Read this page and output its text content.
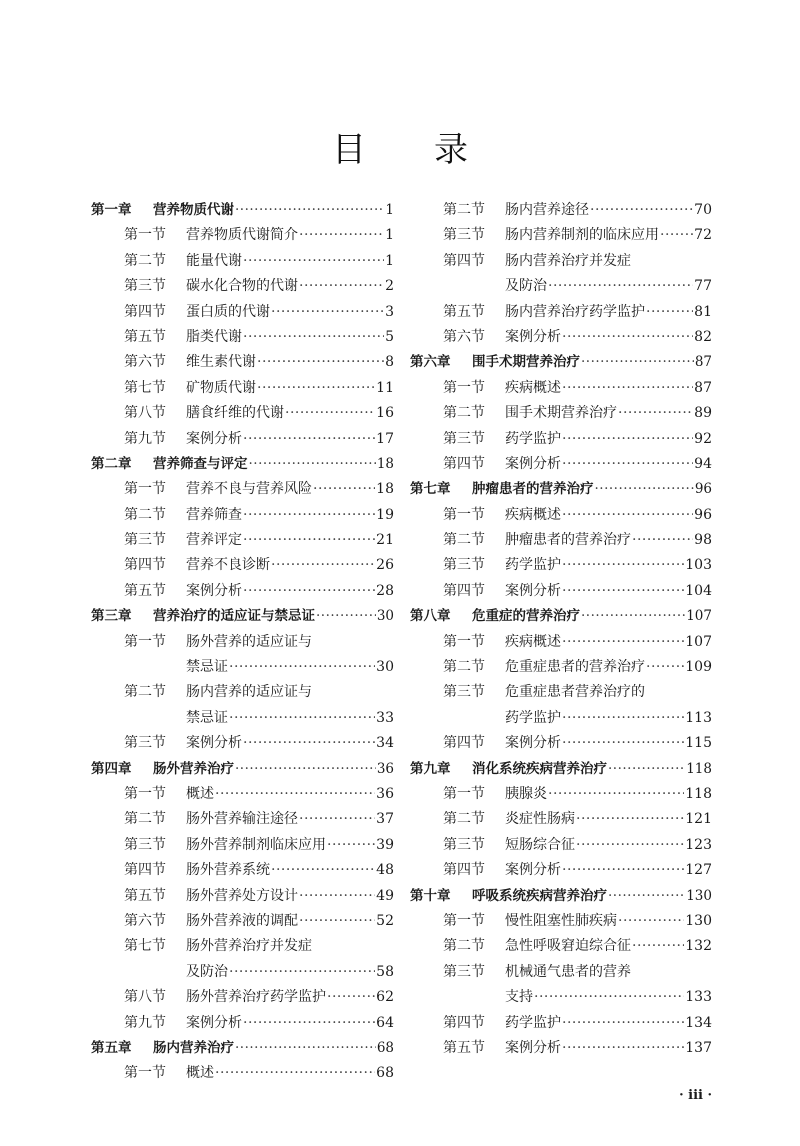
目 录
第一章	营养物质代谢 ·····	1
第一节	营养物质代谢简介 ·····	1
第二节	能量代谢 ·····	1
第三节	碳水化合物的代谢 ·····	2
第四节	蛋白质的代谢 ·····	3
第五节	脂类代谢 ·····	5
第六节	维生素代谢 ·····	8
第七节	矿物质代谢 ·····	11
第八节	膳食纤维的代谢 ·····	16
第九节	案例分析 ·····	17
第二章	营养筛查与评定 ·····	18
第一节	营养不良与营养风险 ·····	18
第二节	营养筛查 ·····	19
第三节	营养评定 ·····	21
第四节	营养不良诊断 ·····	26
第五节	案例分析 ·····	28
第三章	营养治疗的适应证与禁忌证 ·····	30
第一节	肠外营养的适应证与
禁忌证 ·····	30
第二节	肠内营养的适应证与
禁忌证 ·····	33
第三节	案例分析 ·····	34
第四章	肠外营养治疗 ·····	36
第一节	概述 ·····	36
第二节	肠外营养输注途径 ·····	37
第三节	肠外营养制剂临床应用 ·····	39
第四节	肠外营养系统 ·····	48
第五节	肠外营养处方设计 ·····	49
第六节	肠外营养液的调配 ·····	52
第七节	肠外营养治疗并发症
及防治 ·····	58
第八节	肠外营养治疗药学监护 ·····	62
第九节	案例分析 ·····	64
第五章	肠内营养治疗 ·····	68
第一节	概述 ·····	68
第二节	肠内营养途径 ·····	70
第三节	肠内营养制剂的临床应用 ·····	72
第四节	肠内营养治疗并发症
及防治 ·····	77
第五节	肠内营养治疗药学监护 ·····	81
第六节	案例分析 ·····	82
第六章	围手术期营养治疗 ·····	87
第一节	疾病概述 ·····	87
第二节	围手术期营养治疗 ·····	89
第三节	药学监护 ·····	92
第四节	案例分析 ·····	94
第七章	肿瘤患者的营养治疗 ·····	96
第一节	疾病概述 ·····	96
第二节	肿瘤患者的营养治疗 ·····	98
第三节	药学监护 ·····	103
第四节	案例分析 ·····	104
第八章	危重症的营养治疗 ·····	107
第一节	疾病概述 ·····	107
第二节	危重症患者的营养治疗 ·····	109
第三节	危重症患者营养治疗的
药学监护 ·····	113
第四节	案例分析 ·····	115
第九章	消化系统疾病营养治疗 ·····	118
第一节	胰腺炎 ·····	118
第二节	炎症性肠病 ·····	121
第三节	短肠综合征 ·····	123
第四节	案例分析 ·····	127
第十章	呼吸系统疾病营养治疗 ·····	130
第一节	慢性阻塞性肺疾病 ·····	130
第二节	急性呼吸窘迫综合征 ·····	132
第三节	机械通气患者的营养
支持 ·····	133
第四节	药学监护 ·····	134
第五节	案例分析 ·····	137
· iii ·
